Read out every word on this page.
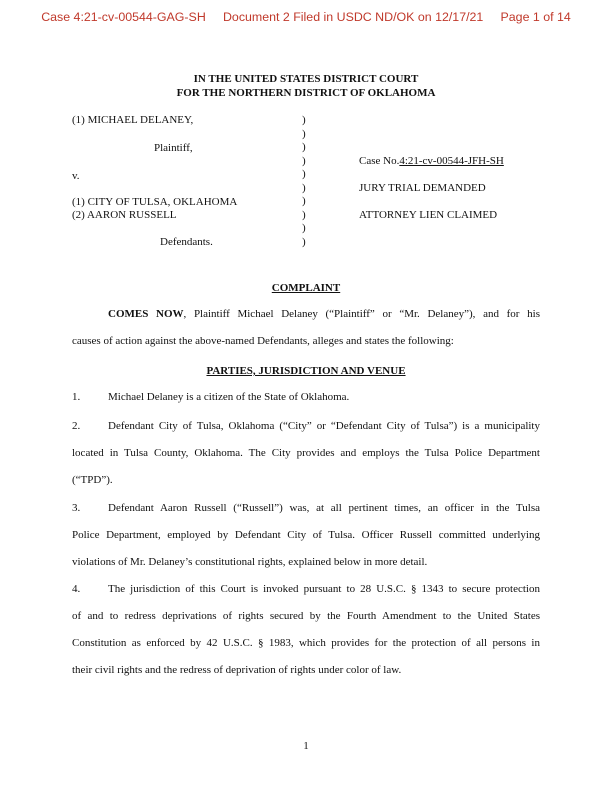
Case 4:21-cv-00544-GAG-SH     Document 2 Filed in USDC ND/OK on 12/17/21     Page 1 of 14
IN THE UNITED STATES DISTRICT COURT
FOR THE NORTHERN DISTRICT OF OKLAHOMA
(1) MICHAEL DELANEY,
Plaintiff,
v.
(1) CITY OF TULSA, OKLAHOMA
(2) AARON RUSSELL
Defendants.
)
)
)
)
)
)
)
)
)
)
Case No.4:21-cv-00544-JFH-SH
JURY TRIAL DEMANDED
ATTORNEY LIEN CLAIMED
COMPLAINT
COMES NOW, Plaintiff Michael Delaney (“Plaintiff” or “Mr. Delaney”), and for his
causes of action against the above-named Defendants, alleges and states the following:
PARTIES, JURISDICTION AND VENUE
1.	Michael Delaney is a citizen of the State of Oklahoma.
2.	Defendant City of Tulsa, Oklahoma (“City” or “Defendant City of Tulsa”) is a municipality
located in Tulsa County, Oklahoma. The City provides and employs the Tulsa Police Department
(“TPD”).
3.	Defendant Aaron Russell (“Russell”) was, at all pertinent times, an officer in the Tulsa
Police Department, employed by Defendant City of Tulsa. Officer Russell committed underlying
violations of Mr. Delaney’s constitutional rights, explained below in more detail.
4.	The jurisdiction of this Court is invoked pursuant to 28 U.S.C. § 1343 to secure protection
of and to redress deprivations of rights secured by the Fourth Amendment to the United States
Constitution as enforced by 42 U.S.C. § 1983, which provides for the protection of all persons in
their civil rights and the redress of deprivation of rights under color of law.
1
